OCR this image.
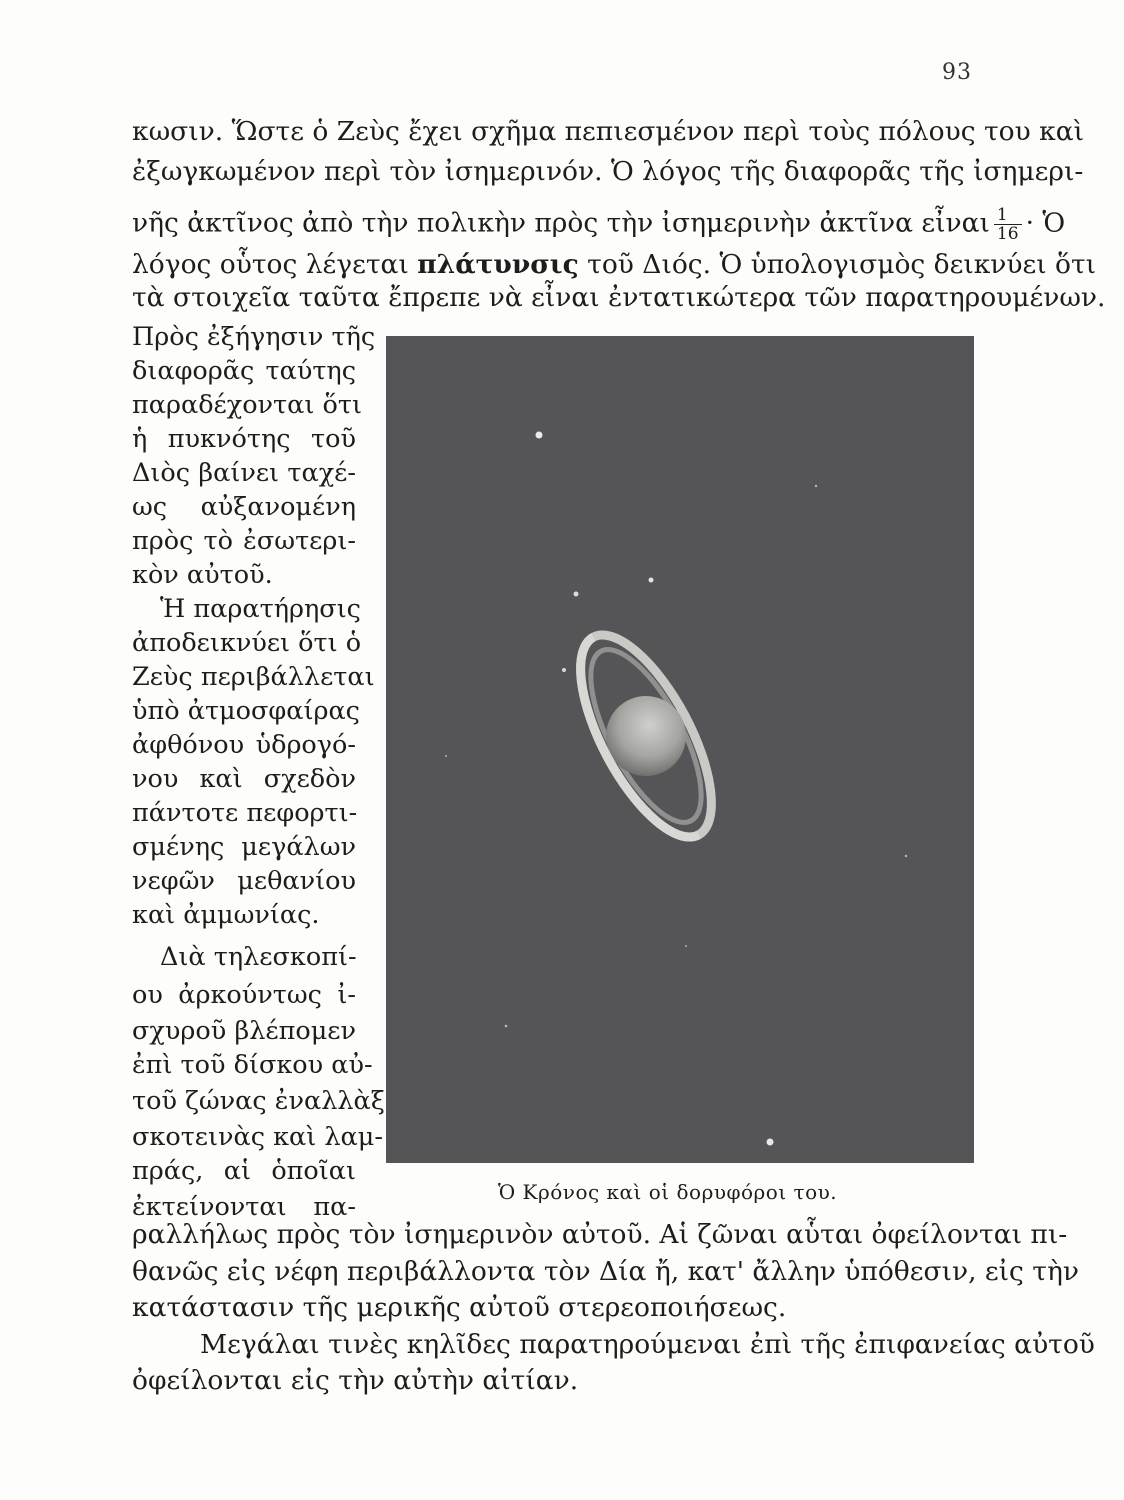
93
κωσιν. Ὥστε ὁ Ζεὺς ἔχει σχῆμα πεπιεσμένον περὶ τοὺς πόλους του καὶ
ἐξωγκωμένον περὶ τὸν ἰσημερινόν. Ὁ λόγος τῆς διαφορᾶς τῆς ἰσημερι-
νῆς ἀκτῖνος ἀπὸ τὴν πολικὴν πρὸς τὴν ἰσημερινὴν ἀκτῖνα εἶναι $\frac{1}{16}$ · Ὁ
λόγος οὗτος λέγεται πλάτυνσις τοῦ Διός. Ὁ ὑπολογισμὸς δεικνύει ὅτι
τὰ στοιχεῖα ταῦτα ἔπρεπε νὰ εἶναι ἐντατικώτερα τῶν παρατηρουμένων.
Πρὸς ἐξήγησιν τῆς
διαφορᾶς ταύτης
παραδέχονται ὅτι
ἡ πυκνότης τοῦ
Διὸς βαίνει ταχέ-
ως αὐξανομένη
πρὸς τὸ ἐσωτερι-
κὸν αὐτοῦ.
Ἡ παρατήρησις
ἀποδεικνύει ὅτι ὁ
Ζεὺς περιβάλλεται
ὑπὸ ἀτμοσφαίρας
ἀφθόνου ὑδρογό-
νου καὶ σχεδὸν
πάντοτε πεφορτι-
σμένης μεγάλων
νεφῶν μεθανίου
καὶ ἀμμωνίας.
Διὰ τηλεσκοπί-
ου ἀρκούντως ἰ-
σχυροῦ βλέπομεν
ἐπὶ τοῦ δίσκου αὐ-
τοῦ ζώνας ἐναλλὰξ
σκοτεινὰς καὶ λαμ-
πράς, αἱ ὁποῖαι
ἐκτείνονται πα-	Ὁ Κρόνος καὶ οἱ δορυφόροι του.
ραλλήλως πρὸς τὸν ἰσημερινὸν αὐτοῦ. Αἱ ζῶναι αὗται ὀφείλονται πι-
θανῶς εἰς νέφη περιβάλλοντα τὸν Δία ἤ, κατ' ἄλλην ὑπόθεσιν, εἰς τὴν
κατάστασιν τῆς μερικῆς αὐτοῦ στερεοποιήσεως.
Μεγάλαι τινὲς κηλῖδες παρατηρούμεναι ἐπὶ τῆς ἐπιφανείας αὐτοῦ
ὀφείλονται εἰς τὴν αὐτὴν αἰτίαν.
